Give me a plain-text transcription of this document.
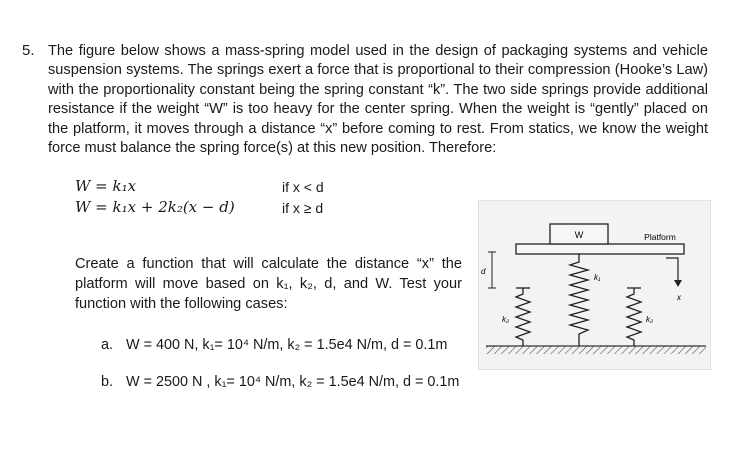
5. The figure below shows a mass-spring model used in the design of packaging systems and vehicle suspension systems. The springs exert a force that is proportional to their compression (Hooke’s Law) with the proportionality constant being the spring constant “k”. The two side springs provide additional resistance if the weight “W” is too heavy for the center spring. When the weight is “gently” placed on the platform, it moves through a distance “x” before coming to rest. From statics, we know the weight force must balance the spring force(s) at this new position. Therefore:

W = k₁x	if x < d
W = k₁x + 2k₂(x − d)	if x ≥ d

Create a function that will calculate the distance “x” the platform will move based on k₁, k₂, d, and W. Test your function with the following cases:

a. W = 400 N, k₁= 10⁴ N/m, k₂ = 1.5e4 N/m, d = 0.1m
b. W = 2500 N , k₁= 10⁴ N/m, k₂ = 1.5e4 N/m, d = 0.1m
W	Platform
d
k₁
k₂	k₂
x
